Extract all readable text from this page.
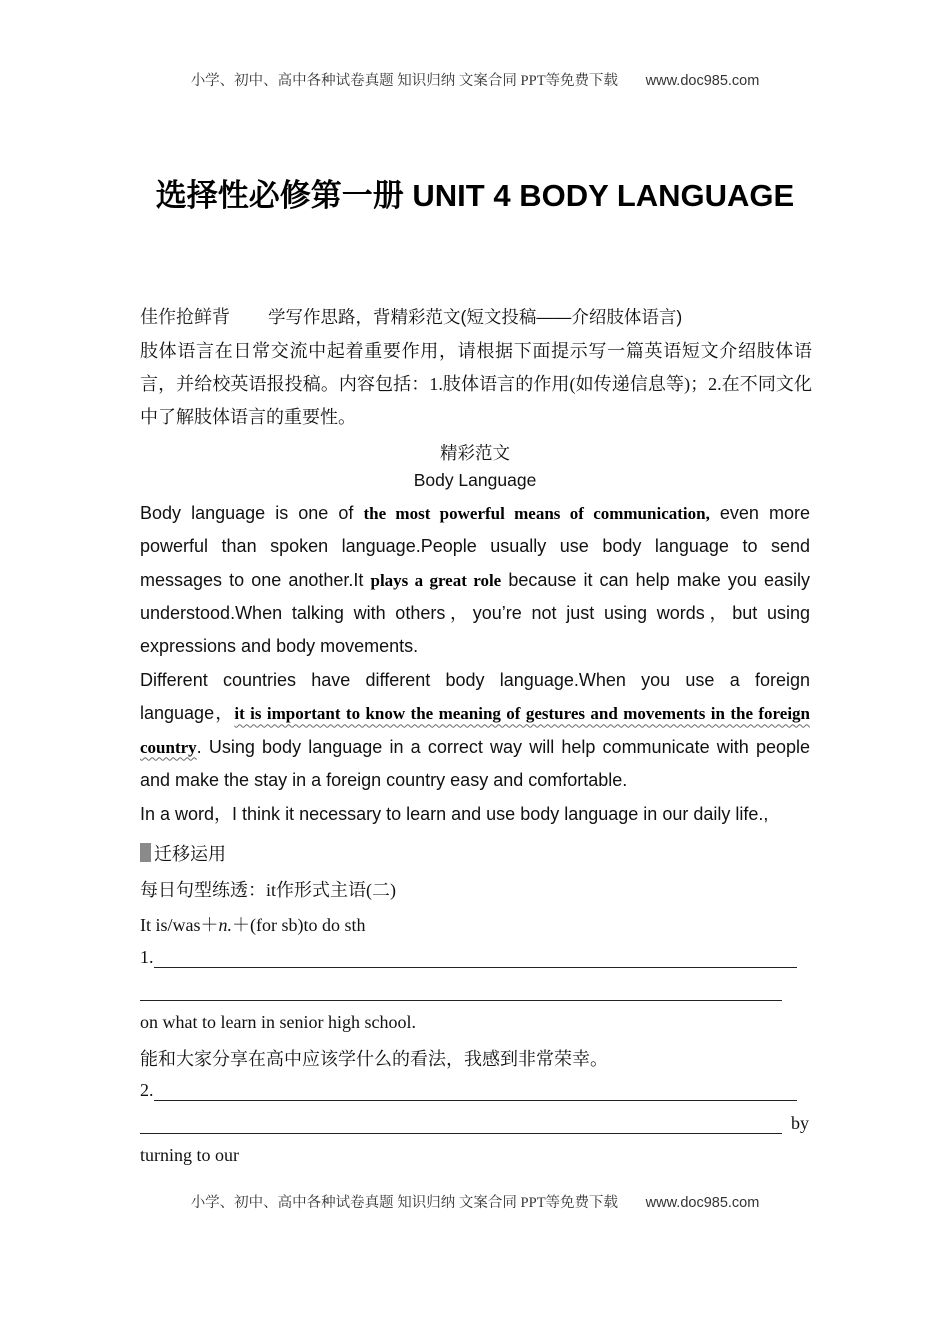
小学、初中、高中各种试卷真题 知识归纳 文案合同 PPT等免费下载 www.doc985.com
选择性必修第一册 UNIT 4 BODY LANGUAGE
佳作抢鲜背 学写作思路，背精彩范文(短文投稿——介绍肢体语言)
肢体语言在日常交流中起着重要作用，请根据下面提示写一篇英语短文介绍肢体语言，并给校英语报投稿。内容包括：1.肢体语言的作用(如传递信息等)；2.在不同文化中了解肢体语言的重要性。
精彩范文
Body Language
Body language is one of the most powerful means of communication, even more powerful than spoken language.People usually use body language to send messages to one another.It plays a great role because it can help make you easily understood.When talking with others，you’re not just using words，but using expressions and body movements.
Different countries have different body language.When you use a foreign language，it is important to know the meaning of gestures and movements in the foreign country. Using body language in a correct way will help communicate with people and make the stay in a foreign country easy and comfortable.
In a word，I think it necessary to learn and use body language in our daily life.,
迁移运用
每日句型练透：it作形式主语(二)
It is/was＋n.＋(for sb)to do sth
1.
on what to learn in senior high school.
能和大家分享在高中应该学什么的看法，我感到非常荣幸。
2.
by
turning to our
小学、初中、高中各种试卷真题 知识归纳 文案合同 PPT等免费下载 www.doc985.com
